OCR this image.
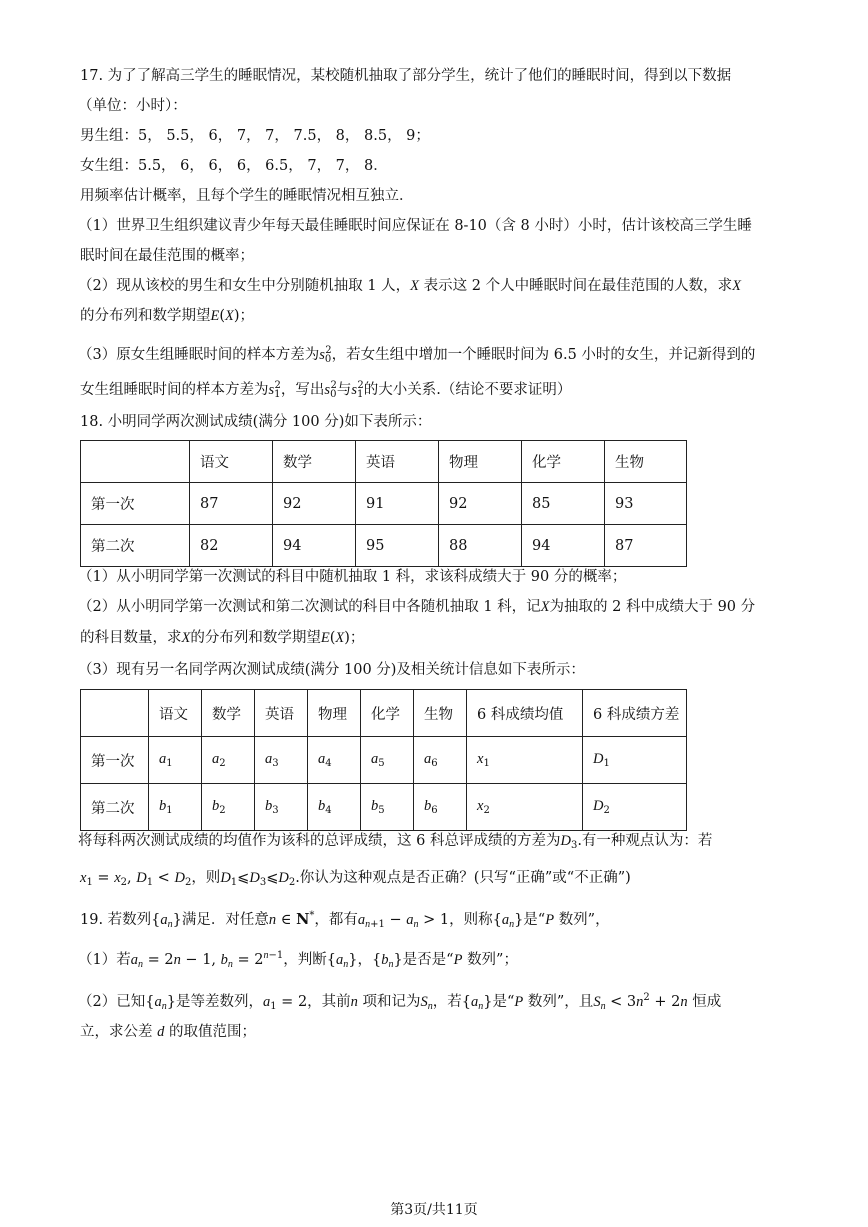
17. 为了了解高三学生的睡眠情况，某校随机抽取了部分学生，统计了他们的睡眠时间，得到以下数据
（单位：小时）：
男生组：5， 5.5， 6， 7， 7， 7.5， 8， 8.5， 9；
女生组：5.5， 6， 6， 6， 6.5， 7， 7， 8．
用频率估计概率，且每个学生的睡眠情况相互独立．
（1）世界卫生组织建议青少年每天最佳睡眠时间应保证在 8-10（含 8 小时）小时，估计该校高三学生睡
眠时间在最佳范围的概率；
（2）现从该校的男生和女生中分别随机抽取 1 人，X 表示这 2 个人中睡眠时间在最佳范围的人数，求X
的分布列和数学期望E(X)；
（3）原女生组睡眠时间的样本方差为$s_0^2$，若女生组中增加一个睡眠时间为 6.5 小时的女生，并记新得到的
女生组睡眠时间的样本方差为$s_1^2$，写出$s_0^2$与$s_1^2$的大小关系.（结论不要求证明）
18. 小明同学两次测试成绩(满分 100 分)如下表所示：
	语文	数学	英语	物理	化学	生物
第一次	87	92	91	92	85	93
第二次	82	94	95	88	94	87
（1）从小明同学第一次测试的科目中随机抽取 1 科，求该科成绩大于 90 分的概率；
（2）从小明同学第一次测试和第二次测试的科目中各随机抽取 1 科，记X为抽取的 2 科中成绩大于 90 分
的科目数量，求X的分布列和数学期望E(X)；
（3）现有另一名同学两次测试成绩(满分 100 分)及相关统计信息如下表所示：
	语文	数学	英语	物理	化学	生物	6 科成绩均值	6 科成绩方差
第一次	$a_1$	$a_2$	$a_3$	$a_4$	$a_5$	$a_6$	$x_1$	$D_1$
第二次	$b_1$	$b_2$	$b_3$	$b_4$	$b_5$	$b_6$	$x_2$	$D_2$
将每科两次测试成绩的均值作为该科的总评成绩，这 6 科总评成绩的方差为$D_3$.有一种观点认为：若
$x_1 = x_2$, $D_1 < D_2$，则$D_1⩽D_3⩽D_2$.你认为这种观点是否正确？(只写“正确”或“不正确”)
19. 若数列$\{a_n\}$满足．对任意n ∈ N*，都有$a_{n+1} - a_n > 1$，则称$\{a_n\}$是“P 数列”，
（1）若$a_n = 2n - 1$, $b_n = 2^{n-1}$，判断$\{a_n\}$，$\{b_n\}$是否是“P 数列”；
（2）已知$\{a_n\}$是等差数列，$a_1 = 2$，其前n 项和记为$S_n$，若$\{a_n\}$是“P 数列”，且$S_n < 3n^2 + 2n$ 恒成
立，求公差 d 的取值范围；
第3页/共11页
